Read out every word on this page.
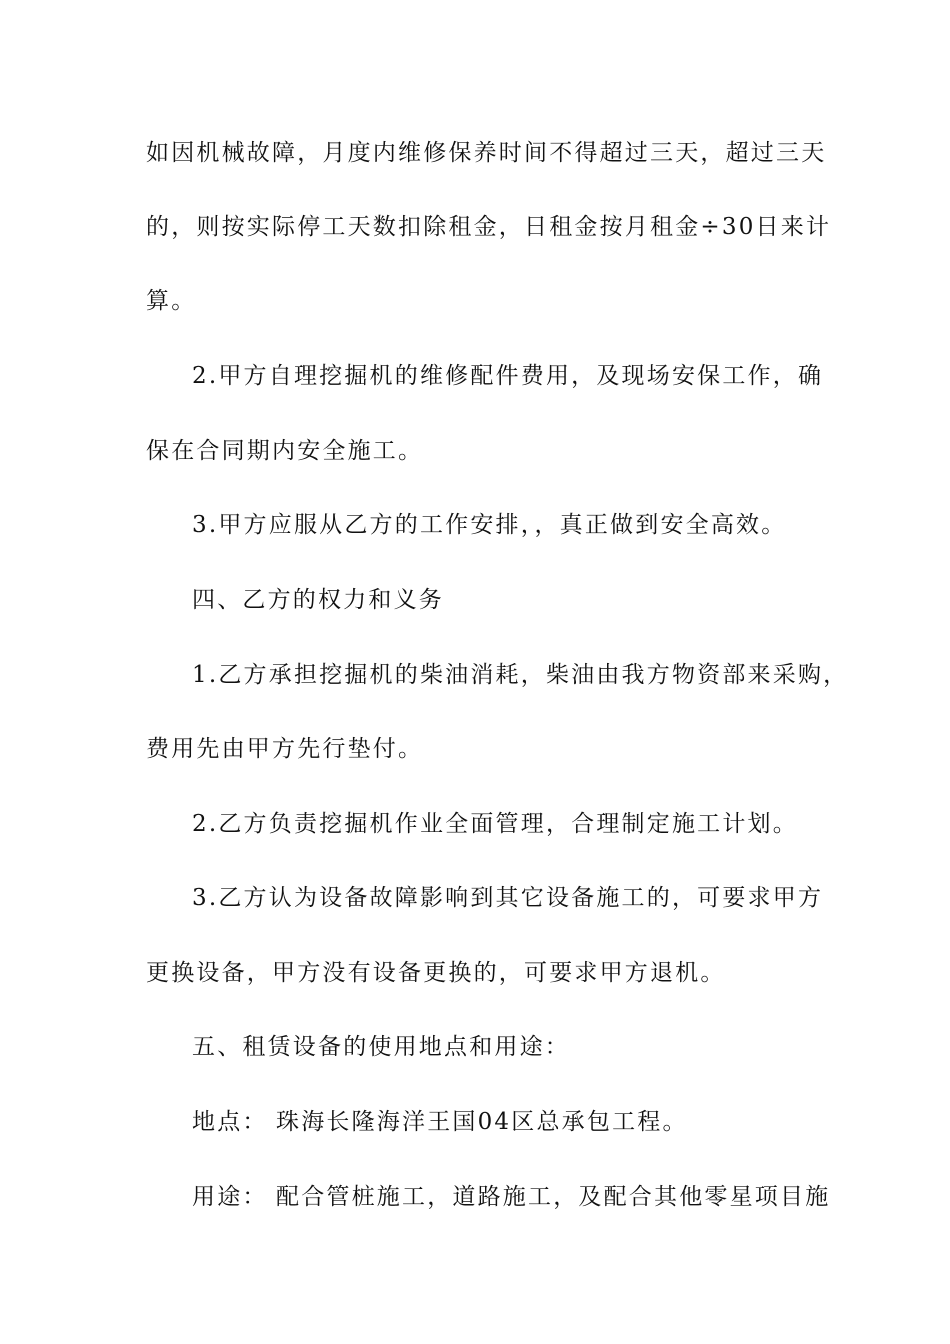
如因机械故障，月度内维修保养时间不得超过三天，超过三天
的，则按实际停工天数扣除租金，日租金按月租金÷30日来计
算。
2.甲方自理挖掘机的维修配件费用，及现场安保工作，确
保在合同期内安全施工。
3.甲方应服从乙方的工作安排，，真正做到安全高效。
四、乙方的权力和义务
1.乙方承担挖掘机的柴油消耗，柴油由我方物资部来采购，
费用先由甲方先行垫付。
2.乙方负责挖掘机作业全面管理，合理制定施工计划。
3.乙方认为设备故障影响到其它设备施工的，可要求甲方
更换设备，甲方没有设备更换的，可要求甲方退机。
五、租赁设备的使用地点和用途：
地点： 珠海长隆海洋王国04区总承包工程。
用途： 配合管桩施工，道路施工，及配合其他零星项目施
